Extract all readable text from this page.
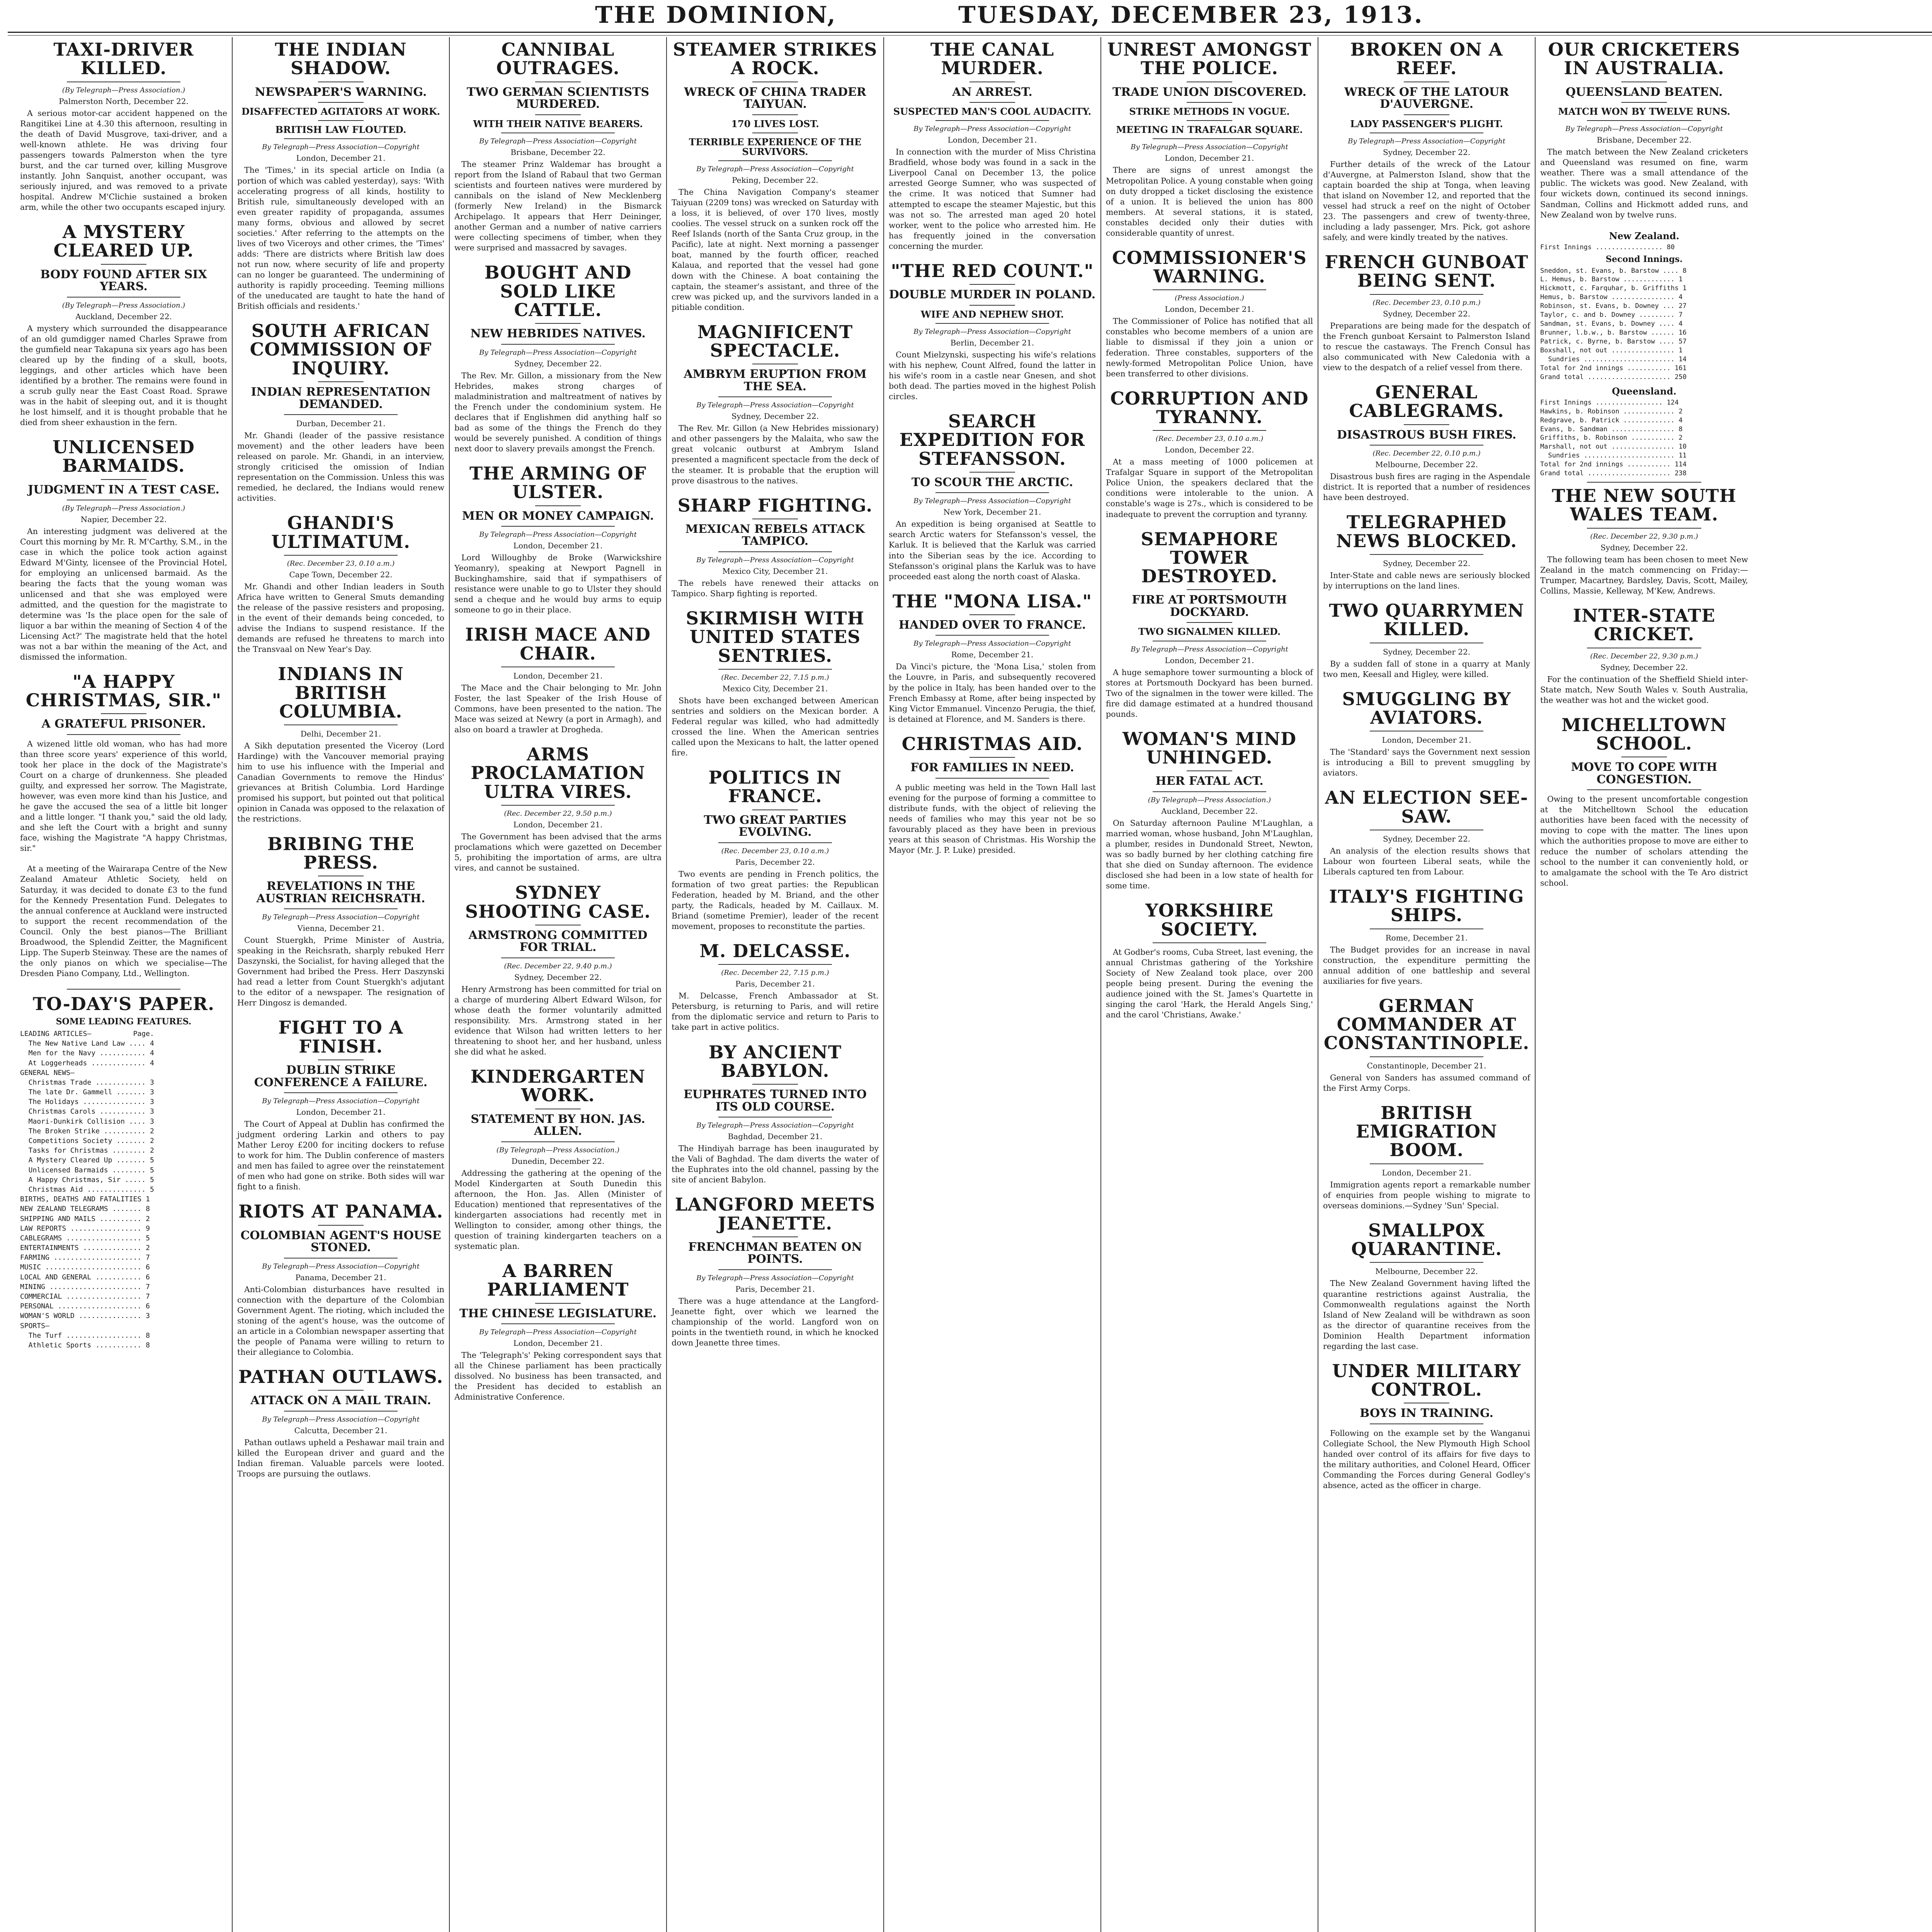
THE DOMINION,	TUESDAY, DECEMBER 23, 1913.
TAXI-DRIVER KILLED.
(By Telegraph—Press Association.)
Palmerston North, December 22.

A serious motor-car accident happened on the Rangitikei Line at 4.30 this afternoon, resulting in the death of David Musgrove, taxi-driver, and a well-known athlete. He was driving four passengers towards Palmerston when the tyre burst, and the car turned over, killing Musgrove instantly. John Sanquist, another occupant, was seriously injured, and was removed to a private hospital. Andrew M'Clichie sustained a broken arm, while the other two occupants escaped injury.

A MYSTERY CLEARED UP.
BODY FOUND AFTER SIX YEARS.
(By Telegraph—Press Association.)
Auckland, December 22.

A mystery which surrounded the disappearance of an old gumdigger named Charles Sprawe from the gumfield near Takapuna six years ago has been cleared up by the finding of a skull, boots, leggings, and other articles which have been identified by a brother. The remains were found in a scrub gully near the East Coast Road. Sprawe was in the habit of sleeping out, and it is thought he lost himself, and it is thought probable that he died from sheer exhaustion in the fern.

UNLICENSED BARMAIDS.
JUDGMENT IN A TEST CASE.
(By Telegraph—Press Association.)
Napier, December 22.

An interesting judgment was delivered at the Court this morning by Mr. R. M'Carthy, S.M., in the case in which the police took action against Edward M'Ginty, licensee of the Provincial Hotel, for employing an unlicensed barmaid. As the bearing the facts that the young woman was unlicensed and that she was employed were admitted, and the question for the magistrate to determine was 'Is the place open for the sale of liquor a bar within the meaning of Section 4 of the Licensing Act?' The magistrate held that the hotel was not a bar within the meaning of the Act, and dismissed the information.

"A HAPPY CHRISTMAS, SIR."
A GRATEFUL PRISONER.

A wizened little old woman, who has had more than three score years' experience of this world, took her place in the dock of the Magistrate's Court on a charge of drunkenness. She pleaded guilty, and expressed her sorrow. The Magistrate, however, was even more kind than his Justice, and he gave the accused the sea of a little bit longer and a little longer. "I thank you," said the old lady, and she left the Court with a bright and sunny face, wishing the Magistrate "A happy Christmas, sir."

At a meeting of the Wairarapa Centre of the New Zealand Amateur Athletic Society, held on Saturday, it was decided to donate £3 to the fund for the Kennedy Presentation Fund. Delegates to the annual conference at Auckland were instructed to support the recent recommendation of the Council. Only the best pianos—The Brilliant Broadwood, the Splendid Zeitter, the Magnificent Lipp. The Superb Steinway. These are the names of the only pianos on which we specialise—The Dresden Piano Company, Ltd., Wellington.

TO-DAY'S PAPER.
SOME LEADING FEATURES.
LEADING ARTICLES—          Page.
The New Native Land Law .... 4
Men for the Navy ........... 4
At Loggerheads ............. 4
GENERAL NEWS—
Christmas Trade ............ 3
The late Dr. Gammell ....... 3
The Holidays ............... 3
Christmas Carols ........... 3
Maori-Dunkirk Collision .... 3
The Broken Strike .......... 2
Competitions Society ....... 2
Tasks for Christmas ........ 2
A Mystery Cleared Up ....... 5
Unlicensed Barmaids ........ 5
A Happy Christmas, Sir ..... 5
Christmas Aid .............. 5
BIRTHS, DEATHS AND FATALITIES 1
NEW ZEALAND TELEGRAMS ....... 8
SHIPPING AND MAILS .......... 2
LAW REPORTS ................. 9
CABLEGRAMS .................. 5
ENTERTAINMENTS .............. 2
FARMING ..................... 7
MUSIC ....................... 6
LOCAL AND GENERAL ........... 6
MINING ...................... 7
COMMERCIAL .................. 7
PERSONAL .................... 6
WOMAN'S WORLD ............... 3
SPORTS—
The Turf .................. 8
Athletic Sports ........... 8
THE INDIAN SHADOW.
NEWSPAPER'S WARNING.
DISAFFECTED AGITATORS AT WORK.
BRITISH LAW FLOUTED.
By Telegraph—Press Association—Copyright
London, December 21.

The 'Times,' in its special article on India (a portion of which was cabled yesterday), says: 'With accelerating progress of all kinds, hostility to British rule, simultaneously developed with an even greater rapidity of propaganda, assumes many forms, obvious and allowed by secret societies.' After referring to the attempts on the lives of two Viceroys and other crimes, the 'Times' adds: 'There are districts where British law does not run now, where security of life and property can no longer be guaranteed. The undermining of authority is rapidly proceeding. Teeming millions of the uneducated are taught to hate the hand of British officials and residents.'

SOUTH AFRICAN COMMISSION OF INQUIRY.
INDIAN REPRESENTATION DEMANDED.
Durban, December 21.

Mr. Ghandi (leader of the passive resistance movement) and the other leaders have been released on parole. Mr. Ghandi, in an interview, strongly criticised the omission of Indian representation on the Commission. Unless this was remedied, he declared, the Indians would renew activities.

GHANDI'S ULTIMATUM.
(Rec. December 23, 0.10 a.m.)
Cape Town, December 22.

Mr. Ghandi and other Indian leaders in South Africa have written to General Smuts demanding the release of the passive resisters and proposing, in the event of their demands being conceded, to advise the Indians to suspend resistance. If the demands are refused he threatens to march into the Transvaal on New Year's Day.

INDIANS IN BRITISH COLUMBIA.
Delhi, December 21.

A Sikh deputation presented the Viceroy (Lord Hardinge) with the Vancouver memorial praying him to use his influence with the Imperial and Canadian Governments to remove the Hindus' grievances at British Columbia. Lord Hardinge promised his support, but pointed out that political opinion in Canada was opposed to the relaxation of the restrictions.

BRIBING THE PRESS.
REVELATIONS IN THE AUSTRIAN REICHSRATH.
By Telegraph—Press Association—Copyright
Vienna, December 21.

Count Stuergkh, Prime Minister of Austria, speaking in the Reichsrath, sharply rebuked Herr Daszynski, the Socialist, for having alleged that the Government had bribed the Press. Herr Daszynski had read a letter from Count Stuergkh's adjutant to the editor of a newspaper. The resignation of Herr Dingosz is demanded.

FIGHT TO A FINISH.
DUBLIN STRIKE CONFERENCE A FAILURE.
By Telegraph—Press Association—Copyright
London, December 21.

The Court of Appeal at Dublin has confirmed the judgment ordering Larkin and others to pay Mather Leroy £200 for inciting dockers to refuse to work for him. The Dublin conference of masters and men has failed to agree over the reinstatement of men who had gone on strike. Both sides will war fight to a finish.

RIOTS AT PANAMA.
COLOMBIAN AGENT'S HOUSE STONED.
By Telegraph—Press Association—Copyright
Panama, December 21.

Anti-Colombian disturbances have resulted in connection with the departure of the Colombian Government Agent. The rioting, which included the stoning of the agent's house, was the outcome of an article in a Colombian newspaper asserting that the people of Panama were willing to return to their allegiance to Colombia.

PATHAN OUTLAWS.
ATTACK ON A MAIL TRAIN.
By Telegraph—Press Association—Copyright
Calcutta, December 21.

Pathan outlaws upheld a Peshawar mail train and killed the European driver and guard and the Indian fireman. Valuable parcels were looted. Troops are pursuing the outlaws.

CANNIBAL OUTRAGES.
TWO GERMAN SCIENTISTS MURDERED.
WITH THEIR NATIVE BEARERS.
By Telegraph—Press Association—Copyright
Brisbane, December 22.

The steamer Prinz Waldemar has brought a report from the Island of Rabaul that two German scientists and fourteen natives were murdered by cannibals on the island of New Mecklenberg (formerly New Ireland) in the Bismarck Archipelago. It appears that Herr Deininger, another German and a number of native carriers were collecting specimens of timber, when they were surprised and massacred by savages.

BOUGHT AND SOLD LIKE CATTLE.
NEW HEBRIDES NATIVES.
By Telegraph—Press Association—Copyright
Sydney, December 22.

The Rev. Mr. Gillon, a missionary from the New Hebrides, makes strong charges of maladministration and maltreatment of natives by the French under the condominium system. He declares that if Englishmen did anything half so bad as some of the things the French do they would be severely punished. A condition of things next door to slavery prevails amongst the French.

THE ARMING OF ULSTER.
MEN OR MONEY CAMPAIGN.
By Telegraph—Press Association—Copyright
London, December 21.

Lord Willoughby de Broke (Warwickshire Yeomanry), speaking at Newport Pagnell in Buckinghamshire, said that if sympathisers of resistance were unable to go to Ulster they should send a cheque and he would buy arms to equip someone to go in their place.

IRISH MACE AND CHAIR.
London, December 21.

The Mace and the Chair belonging to Mr. John Foster, the last Speaker of the Irish House of Commons, have been presented to the nation. The Mace was seized at Newry (a port in Armagh), and also on board a trawler at Drogheda.

ARMS PROCLAMATION ULTRA VIRES.
(Rec. December 22, 9.50 p.m.)
London, December 21.

The Government has been advised that the arms proclamations which were gazetted on December 5, prohibiting the importation of arms, are ultra vires, and cannot be sustained.

SYDNEY SHOOTING CASE.
ARMSTRONG COMMITTED FOR TRIAL.
(Rec. December 22, 9.40 p.m.)
Sydney, December 22.

Henry Armstrong has been committed for trial on a charge of murdering Albert Edward Wilson, for whose death the former voluntarily admitted responsibility. Mrs. Armstrong stated in her evidence that Wilson had written letters to her threatening to shoot her, and her husband, unless she did what he asked.

KINDERGARTEN WORK.
STATEMENT BY HON. JAS. ALLEN.
(By Telegraph—Press Association.)
Dunedin, December 22.

Addressing the gathering at the opening of the Model Kindergarten at South Dunedin this afternoon, the Hon. Jas. Allen (Minister of Education) mentioned that representatives of the kindergarten associations had recently met in Wellington to consider, among other things, the question of training kindergarten teachers on a systematic plan.

A BARREN PARLIAMENT
THE CHINESE LEGISLATURE.
By Telegraph—Press Association—Copyright
London, December 21.

The 'Telegraph's' Peking correspondent says that all the Chinese parliament has been practically dissolved. No business has been transacted, and the President has decided to establish an Administrative Conference.

STEAMER STRIKES A ROCK.
WRECK OF CHINA TRADER TAIYUAN.
170 LIVES LOST.
TERRIBLE EXPERIENCE OF THE SURVIVORS.
By Telegraph—Press Association—Copyright
Peking, December 22.

The China Navigation Company's steamer Taiyuan (2209 tons) was wrecked on Saturday with a loss, it is believed, of over 170 lives, mostly coolies. The vessel struck on a sunken rock off the Reef Islands (north of the Santa Cruz group, in the Pacific), late at night. Next morning a passenger boat, manned by the fourth officer, reached Kalaua, and reported that the vessel had gone down with the Chinese. A boat containing the captain, the steamer's assistant, and three of the crew was picked up, and the survivors landed in a pitiable condition.

MAGNIFICENT SPECTACLE.
AMBRYM ERUPTION FROM THE SEA.
By Telegraph—Press Association—Copyright
Sydney, December 22.

The Rev. Mr. Gillon (a New Hebrides missionary) and other passengers by the Malaita, who saw the great volcanic outburst at Ambrym Island presented a magnificent spectacle from the deck of the steamer. It is probable that the eruption will prove disastrous to the natives.

SHARP FIGHTING.
MEXICAN REBELS ATTACK TAMPICO.
By Telegraph—Press Association—Copyright
Mexico City, December 21.

The rebels have renewed their attacks on Tampico. Sharp fighting is reported.

SKIRMISH WITH UNITED STATES SENTRIES.
(Rec. December 22, 7.15 p.m.)
Mexico City, December 21.

Shots have been exchanged between American sentries and soldiers on the Mexican border. A Federal regular was killed, who had admittedly crossed the line. When the American sentries called upon the Mexicans to halt, the latter opened fire.

POLITICS IN FRANCE.
TWO GREAT PARTIES EVOLVING.
(Rec. December 23, 0.10 a.m.)
Paris, December 22.

Two events are pending in French politics, the formation of two great parties: the Republican Federation, headed by M. Briand, and the other party, the Radicals, headed by M. Caillaux. M. Briand (sometime Premier), leader of the recent movement, proposes to reconstitute the parties.

M. DELCASSE.
(Rec. December 22, 7.15 p.m.)
Paris, December 21.

M. Delcasse, French Ambassador at St. Petersburg, is returning to Paris, and will retire from the diplomatic service and return to Paris to take part in active politics.

BY ANCIENT BABYLON.
EUPHRATES TURNED INTO ITS OLD COURSE.
By Telegraph—Press Association—Copyright
Baghdad, December 21.

The Hindiyah barrage has been inaugurated by the Vali of Baghdad. The dam diverts the water of the Euphrates into the old channel, passing by the site of ancient Babylon.

LANGFORD MEETS JEANETTE.
FRENCHMAN BEATEN ON POINTS.
By Telegraph—Press Association—Copyright
Paris, December 21.

There was a huge attendance at the Langford-Jeanette fight, over which we learned the championship of the world. Langford won on points in the twentieth round, in which he knocked down Jeanette three times.

THE CANAL MURDER.
AN ARREST.
SUSPECTED MAN'S COOL AUDACITY.
By Telegraph—Press Association—Copyright
London, December 21.

In connection with the murder of Miss Christina Bradfield, whose body was found in a sack in the Liverpool Canal on December 13, the police arrested George Sumner, who was suspected of the crime. It was noticed that Sumner had attempted to escape the steamer Majestic, but this was not so. The arrested man aged 20 hotel worker, went to the police who arrested him. He has frequently joined in the conversation concerning the murder.

"THE RED COUNT."
DOUBLE MURDER IN POLAND.
WIFE AND NEPHEW SHOT.
By Telegraph—Press Association—Copyright
Berlin, December 21.

Count Mielzynski, suspecting his wife's relations with his nephew, Count Alfred, found the latter in his wife's room in a castle near Gnesen, and shot both dead. The parties moved in the highest Polish circles.

SEARCH EXPEDITION FOR STEFANSSON.
TO SCOUR THE ARCTIC.
By Telegraph—Press Association—Copyright
New York, December 21.

An expedition is being organised at Seattle to search Arctic waters for Stefansson's vessel, the Karluk. It is believed that the Karluk was carried into the Siberian seas by the ice. According to Stefansson's original plans the Karluk was to have proceeded east along the north coast of Alaska.

THE "MONA LISA."
HANDED OVER TO FRANCE.
By Telegraph—Press Association—Copyright
Rome, December 21.

Da Vinci's picture, the 'Mona Lisa,' stolen from the Louvre, in Paris, and subsequently recovered by the police in Italy, has been handed over to the French Embassy at Rome, after being inspected by King Victor Emmanuel. Vincenzo Perugia, the thief, is detained at Florence, and M. Sanders is there.

CHRISTMAS AID.
FOR FAMILIES IN NEED.

A public meeting was held in the Town Hall last evening for the purpose of forming a committee to distribute funds, with the object of relieving the needs of families who may this year not be so favourably placed as they have been in previous years at this season of Christmas. His Worship the Mayor (Mr. J. P. Luke) presided.

UNREST AMONGST THE POLICE.
TRADE UNION DISCOVERED.
STRIKE METHODS IN VOGUE.
MEETING IN TRAFALGAR SQUARE.
By Telegraph—Press Association—Copyright
London, December 21.

There are signs of unrest amongst the Metropolitan Police. A young constable when going on duty dropped a ticket disclosing the existence of a union. It is believed the union has 800 members. At several stations, it is stated, constables decided only their duties with considerable quantity of unrest.

COMMISSIONER'S WARNING.
(Press Association.)
London, December 21.

The Commissioner of Police has notified that all constables who become members of a union are liable to dismissal if they join a union or federation. Three constables, supporters of the newly-formed Metropolitan Police Union, have been transferred to other divisions.

CORRUPTION AND TYRANNY.
(Rec. December 23, 0.10 a.m.)
London, December 22.

At a mass meeting of 1000 policemen at Trafalgar Square in support of the Metropolitan Police Union, the speakers declared that the conditions were intolerable to the union. A constable's wage is 27s., which is considered to be inadequate to prevent the corruption and tyranny.

SEMAPHORE TOWER DESTROYED.
FIRE AT PORTSMOUTH DOCKYARD.
TWO SIGNALMEN KILLED.
By Telegraph—Press Association—Copyright
London, December 21.

A huge semaphore tower surmounting a block of stores at Portsmouth Dockyard has been burned. Two of the signalmen in the tower were killed. The fire did damage estimated at a hundred thousand pounds.

WOMAN'S MIND UNHINGED.
HER FATAL ACT.
(By Telegraph—Press Association.)
Auckland, December 22.

On Saturday afternoon Pauline M'Laughlan, a married woman, whose husband, John M'Laughlan, a plumber, resides in Dundonald Street, Newton, was so badly burned by her clothing catching fire that she died on Sunday afternoon. The evidence disclosed she had been in a low state of health for some time.

YORKSHIRE SOCIETY.

At Godber's rooms, Cuba Street, last evening, the annual Christmas gathering of the Yorkshire Society of New Zealand took place, over 200 people being present. During the evening the audience joined with the St. James's Quartette in singing the carol 'Hark, the Herald Angels Sing,' and the carol 'Christians, Awake.'

BROKEN ON A REEF.
WRECK OF THE LATOUR D'AUVERGNE.
LADY PASSENGER'S PLIGHT.
By Telegraph—Press Association—Copyright
Sydney, December 22.

Further details of the wreck of the Latour d'Auvergne, at Palmerston Island, show that the captain boarded the ship at Tonga, when leaving that island on November 12, and reported that the vessel had struck a reef on the night of October 23. The passengers and crew of twenty-three, including a lady passenger, Mrs. Pick, got ashore safely, and were kindly treated by the natives.

FRENCH GUNBOAT BEING SENT.
(Rec. December 23, 0.10 p.m.)
Sydney, December 22.

Preparations are being made for the despatch of the French gunboat Kersaint to Palmerston Island to rescue the castaways. The French Consul has also communicated with New Caledonia with a view to the despatch of a relief vessel from there.

GENERAL CABLEGRAMS.
DISASTROUS BUSH FIRES.
(Rec. December 22, 0.10 p.m.)
Melbourne, December 22.

Disastrous bush fires are raging in the Aspendale district. It is reported that a number of residences have been destroyed.

TELEGRAPHED NEWS BLOCKED.
Sydney, December 22.

Inter-State and cable news are seriously blocked by interruptions on the land lines.

TWO QUARRYMEN KILLED.
Sydney, December 22.

By a sudden fall of stone in a quarry at Manly two men, Keesall and Higley, were killed.

SMUGGLING BY AVIATORS.
London, December 21.

The 'Standard' says the Government next session is introducing a Bill to prevent smuggling by aviators.

AN ELECTION SEE-SAW.
Sydney, December 22.

An analysis of the election results shows that Labour won fourteen Liberal seats, while the Liberals captured ten from Labour.

ITALY'S FIGHTING SHIPS.
Rome, December 21.

The Budget provides for an increase in naval construction, the expenditure permitting the annual addition of one battleship and several auxiliaries for five years.

GERMAN COMMANDER AT CONSTANTINOPLE.
Constantinople, December 21.

General von Sanders has assumed command of the First Army Corps.

BRITISH EMIGRATION BOOM.
London, December 21.

Immigration agents report a remarkable number of enquiries from people wishing to migrate to overseas dominions.—Sydney 'Sun' Special.

SMALLPOX QUARANTINE.
Melbourne, December 22.

The New Zealand Government having lifted the quarantine restrictions against Australia, the Commonwealth regulations against the North Island of New Zealand will be withdrawn as soon as the director of quarantine receives from the Dominion Health Department information regarding the last case.

UNDER MILITARY CONTROL.
BOYS IN TRAINING.

Following on the example set by the Wanganui Collegiate School, the New Plymouth High School handed over control of its affairs for five days to the military authorities, and Colonel Heard, Officer Commanding the Forces during General Godley's absence, acted as the officer in charge.

OUR CRICKETERS IN AUSTRALIA.
QUEENSLAND BEATEN.
MATCH WON BY TWELVE RUNS.
By Telegraph—Press Association—Copyright
Brisbane, December 22.

The match between the New Zealand cricketers and Queensland was resumed on fine, warm weather. There was a small attendance of the public. The wickets was good. New Zealand, with four wickets down, continued its second innings. Sandman, Collins and Hickmott added runs, and New Zealand won by twelve runs.

New Zealand.
First Innings ................. 80
Second Innings.
Sneddon, st. Evans, b. Barstow .... 8
L. Hemus, b. Barstow ............. 1
Hickmott, c. Farquhar, b. Griffiths 1
Hemus, b. Barstow ................ 4
Robinson, st. Evans, b. Downey ... 27
Taylor, c. and b. Downey ......... 7
Sandman, st. Evans, b. Downey .... 4
Brunner, l.b.w., b. Barstow ...... 16
Patrick, c. Byrne, b. Barstow .... 57
Boxshall, not out ................ 1
Sundries ....................... 14
Total for 2nd innings ........... 161
Grand total ..................... 250
Queensland.
First Innings ................. 124
Hawkins, b. Robinson ............. 2
Redgrave, b. Patrick ............. 4
Evans, b. Sandman ................ 8
Griffiths, b. Robinson ........... 2
Marshall, not out ................ 10
Sundries ....................... 11
Total for 2nd innings ........... 114
Grand total ..................... 238
THE NEW SOUTH WALES TEAM.
(Rec. December 22, 9.30 p.m.)
Sydney, December 22.

The following team has been chosen to meet New Zealand in the match commencing on Friday:—Trumper, Macartney, Bardsley, Davis, Scott, Mailey, Collins, Massie, Kelleway, M'Kew, Andrews.

INTER-STATE CRICKET.
(Rec. December 22, 9.30 p.m.)
Sydney, December 22.

For the continuation of the Sheffield Shield inter-State match, New South Wales v. South Australia, the weather was hot and the wicket good.

MICHELLTOWN SCHOOL.
MOVE TO COPE WITH CONGESTION.

Owing to the present uncomfortable congestion at the Mitchelltown School the education authorities have been faced with the necessity of moving to cope with the matter. The lines upon which the authorities propose to move are either to reduce the number of scholars attending the school to the number it can conveniently hold, or to amalgamate the school with the Te Aro district school.
